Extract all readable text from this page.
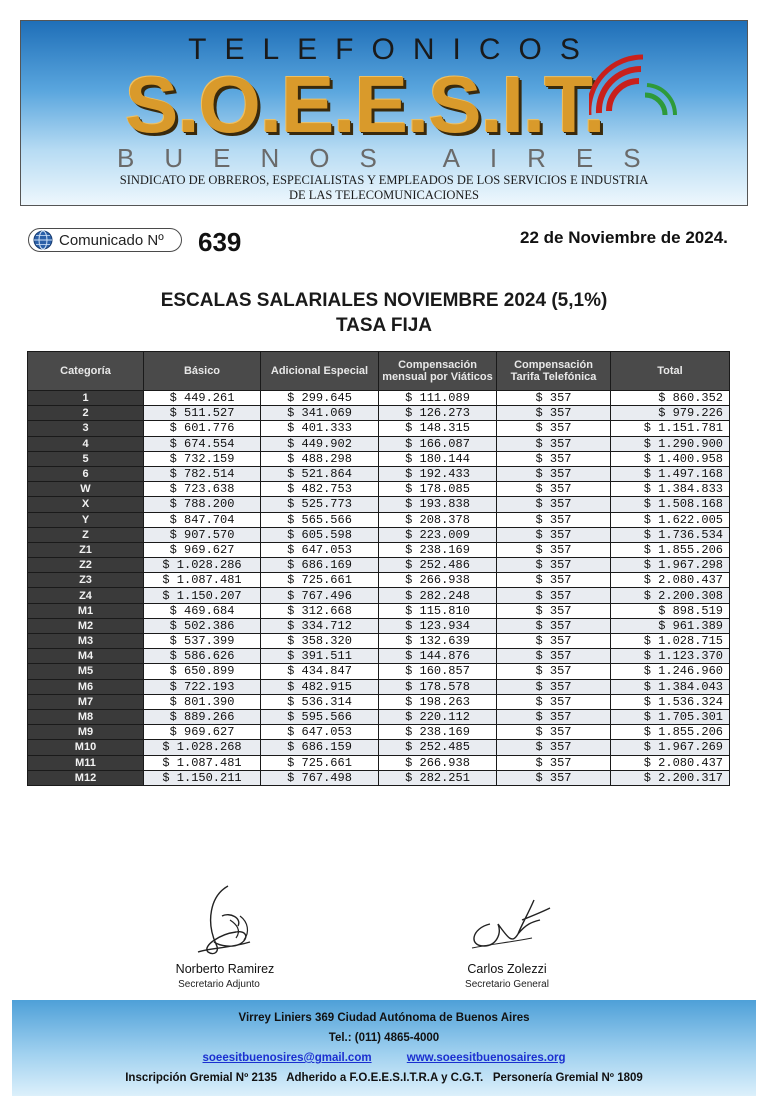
TELEFONICOS
S.O.E.E.S.I.T.
BUENOS AIRES
SINDICATO DE OBREROS, ESPECIALISTAS Y EMPLEADOS DE LOS SERVICIOS E INDUSTRIA
DE LAS TELECOMUNICACIONES
Comunicado Nº 639	22 de Noviembre de 2024.
ESCALAS SALARIALES NOVIEMBRE 2024 (5,1%)
TASA FIJA
Categoría	Básico	Adicional Especial	Compensación mensual por Viáticos	Compensación Tarifa Telefónica	Total
1	$ 449.261	$ 299.645	$ 111.089	$ 357	$ 860.352
2	$ 511.527	$ 341.069	$ 126.273	$ 357	$ 979.226
3	$ 601.776	$ 401.333	$ 148.315	$ 357	$ 1.151.781
4	$ 674.554	$ 449.902	$ 166.087	$ 357	$ 1.290.900
5	$ 732.159	$ 488.298	$ 180.144	$ 357	$ 1.400.958
6	$ 782.514	$ 521.864	$ 192.433	$ 357	$ 1.497.168
W	$ 723.638	$ 482.753	$ 178.085	$ 357	$ 1.384.833
X	$ 788.200	$ 525.773	$ 193.838	$ 357	$ 1.508.168
Y	$ 847.704	$ 565.566	$ 208.378	$ 357	$ 1.622.005
Z	$ 907.570	$ 605.598	$ 223.009	$ 357	$ 1.736.534
Z1	$ 969.627	$ 647.053	$ 238.169	$ 357	$ 1.855.206
Z2	$ 1.028.286	$ 686.169	$ 252.486	$ 357	$ 1.967.298
Z3	$ 1.087.481	$ 725.661	$ 266.938	$ 357	$ 2.080.437
Z4	$ 1.150.207	$ 767.496	$ 282.248	$ 357	$ 2.200.308
M1	$ 469.684	$ 312.668	$ 115.810	$ 357	$ 898.519
M2	$ 502.386	$ 334.712	$ 123.934	$ 357	$ 961.389
M3	$ 537.399	$ 358.320	$ 132.639	$ 357	$ 1.028.715
M4	$ 586.626	$ 391.511	$ 144.876	$ 357	$ 1.123.370
M5	$ 650.899	$ 434.847	$ 160.857	$ 357	$ 1.246.960
M6	$ 722.193	$ 482.915	$ 178.578	$ 357	$ 1.384.043
M7	$ 801.390	$ 536.314	$ 198.263	$ 357	$ 1.536.324
M8	$ 889.266	$ 595.566	$ 220.112	$ 357	$ 1.705.301
M9	$ 969.627	$ 647.053	$ 238.169	$ 357	$ 1.855.206
M10	$ 1.028.268	$ 686.159	$ 252.485	$ 357	$ 1.967.269
M11	$ 1.087.481	$ 725.661	$ 266.938	$ 357	$ 2.080.437
M12	$ 1.150.211	$ 767.498	$ 282.251	$ 357	$ 2.200.317
Norberto Ramirez
Secretario Adjunto
Carlos Zolezzi
Secretario General
Virrey Liniers 369 Ciudad Autónoma de Buenos Aires
Tel.: (011) 4865-4000
soeesitbuenosires@gmail.com	www.soeesitbuenosaires.org
Inscripción Gremial Nº 2135   Adherido a F.O.E.E.S.I.T.R.A y C.G.T.   Personería Gremial Nº 1809
